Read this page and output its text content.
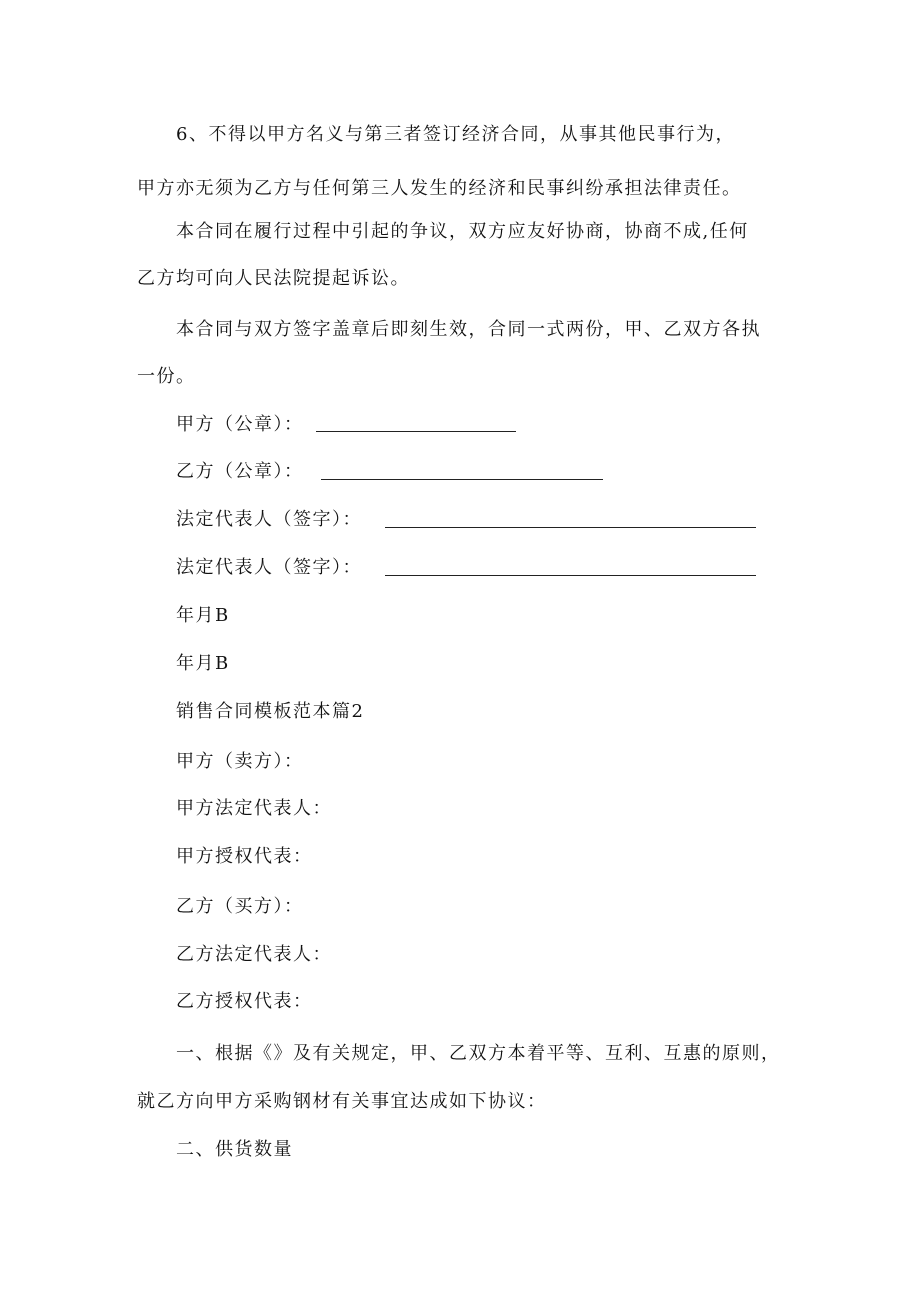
6、不得以甲方名义与第三者签订经济合同，从事其他民事行为，
甲方亦无须为乙方与任何第三人发生的经济和民事纠纷承担法律责任。
本合同在履行过程中引起的争议，双方应友好协商，协商不成,任何
乙方均可向人民法院提起诉讼。
本合同与双方签字盖章后即刻生效，合同一式两份，甲、乙双方各执
一份。
甲方（公章）：
乙方（公章）：
法定代表人（签字）：
法定代表人（签字）：
年月B
年月B
销售合同模板范本篇2
甲方（卖方）：
甲方法定代表人：
甲方授权代表：
乙方（买方）：
乙方法定代表人：
乙方授权代表：
一、根据《》及有关规定，甲、乙双方本着平等、互利、互惠的原则，
就乙方向甲方采购钢材有关事宜达成如下协议：
二、供货数量
